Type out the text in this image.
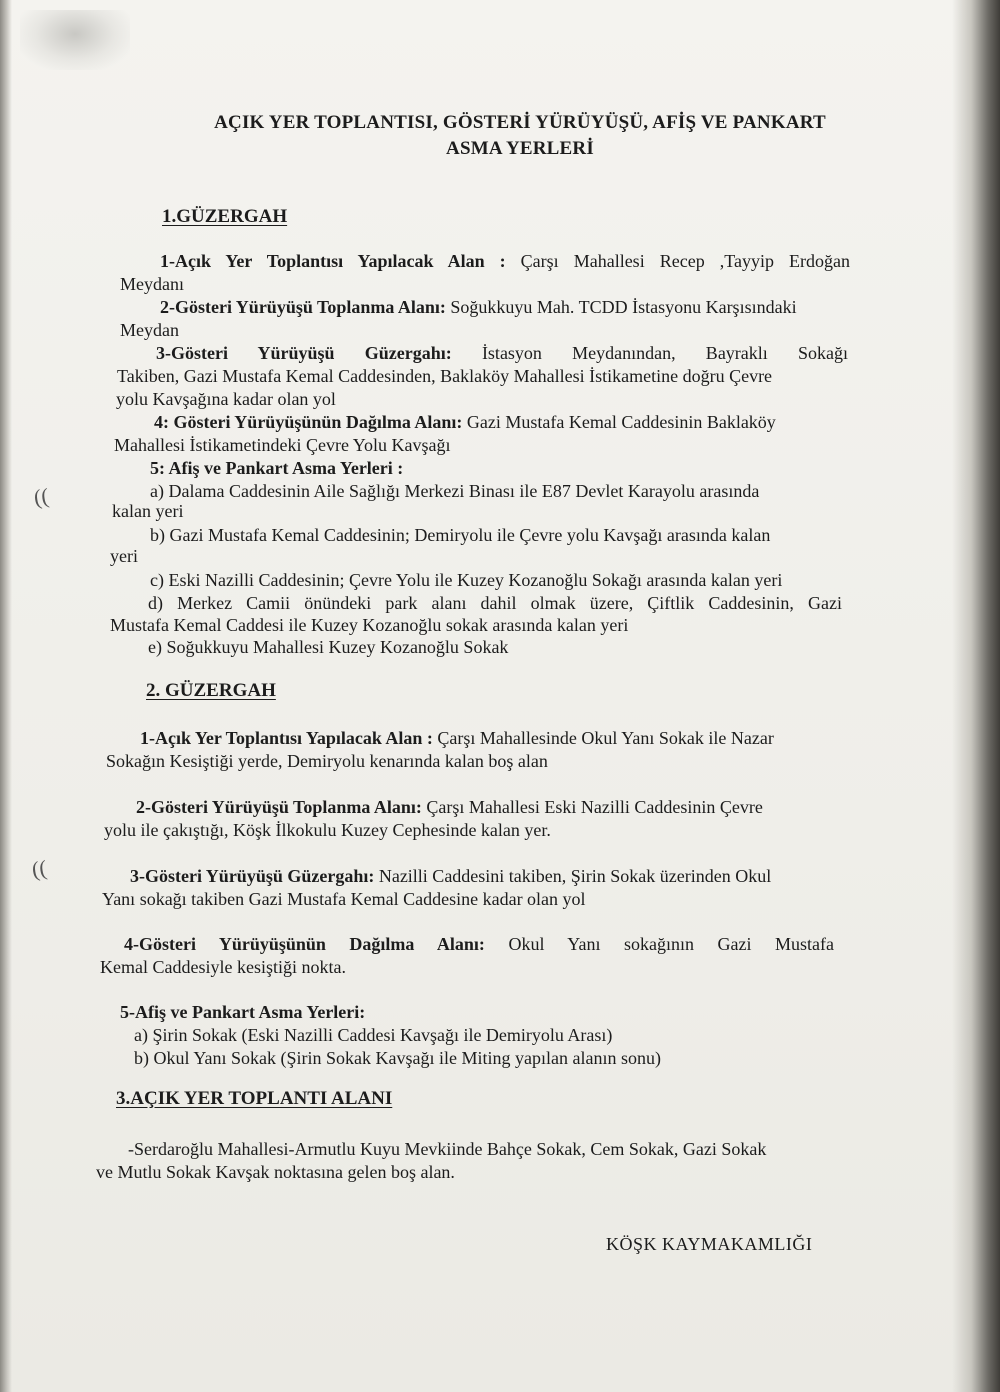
((
((
AÇIK YER TOPLANTISI, GÖSTERİ YÜRÜYÜŞÜ, AFİŞ VE PANKART
ASMA YERLERİ
1.GÜZERGAH
1-Açık Yer Toplantısı Yapılacak Alan : Çarşı Mahallesi Recep ,Tayyip Erdoğan
Meydanı
2-Gösteri Yürüyüşü Toplanma Alanı: Soğukkuyu Mah. TCDD İstasyonu Karşısındaki
Meydan
3-Gösteri Yürüyüşü Güzergahı: İstasyon Meydanından, Bayraklı Sokağı
Takiben, Gazi Mustafa Kemal Caddesinden, Baklaköy Mahallesi İstikametine doğru Çevre
yolu Kavşağına kadar olan yol
4: Gösteri Yürüyüşünün Dağılma Alanı: Gazi Mustafa Kemal Caddesinin Baklaköy
Mahallesi İstikametindeki Çevre Yolu Kavşağı
5: Afiş ve Pankart Asma Yerleri :
a) Dalama Caddesinin Aile Sağlığı Merkezi Binası ile E87 Devlet Karayolu arasında
kalan yeri
b) Gazi Mustafa Kemal Caddesinin; Demiryolu ile Çevre yolu Kavşağı arasında kalan
yeri
c) Eski Nazilli Caddesinin; Çevre Yolu ile Kuzey Kozanoğlu Sokağı arasında kalan yeri
d) Merkez Camii önündeki park alanı dahil olmak üzere, Çiftlik Caddesinin, Gazi
Mustafa Kemal Caddesi ile Kuzey Kozanoğlu sokak arasında kalan yeri
e) Soğukkuyu Mahallesi Kuzey Kozanoğlu Sokak
2. GÜZERGAH
1-Açık Yer Toplantısı Yapılacak Alan : Çarşı Mahallesinde Okul Yanı Sokak ile Nazar
Sokağın Kesiştiği yerde, Demiryolu kenarında kalan boş alan
2-Gösteri Yürüyüşü Toplanma Alanı: Çarşı Mahallesi Eski Nazilli Caddesinin Çevre
yolu ile çakıştığı, Köşk İlkokulu Kuzey Cephesinde kalan yer.
3-Gösteri Yürüyüşü Güzergahı: Nazilli Caddesini takiben, Şirin Sokak üzerinden Okul
Yanı sokağı takiben Gazi Mustafa Kemal Caddesine kadar olan yol
4-Gösteri Yürüyüşünün Dağılma Alanı: Okul Yanı sokağının Gazi Mustafa
Kemal Caddesiyle kesiştiği nokta.
5-Afiş ve Pankart Asma Yerleri:
a) Şirin Sokak (Eski Nazilli Caddesi Kavşağı ile Demiryolu Arası)
b) Okul Yanı Sokak (Şirin Sokak Kavşağı ile Miting yapılan alanın sonu)
3.AÇIK YER TOPLANTI ALANI
-Serdaroğlu Mahallesi-Armutlu Kuyu Mevkiinde Bahçe Sokak, Cem Sokak, Gazi Sokak
ve Mutlu Sokak Kavşak noktasına gelen boş alan.
KÖŞK KAYMAKAMLIĞI
